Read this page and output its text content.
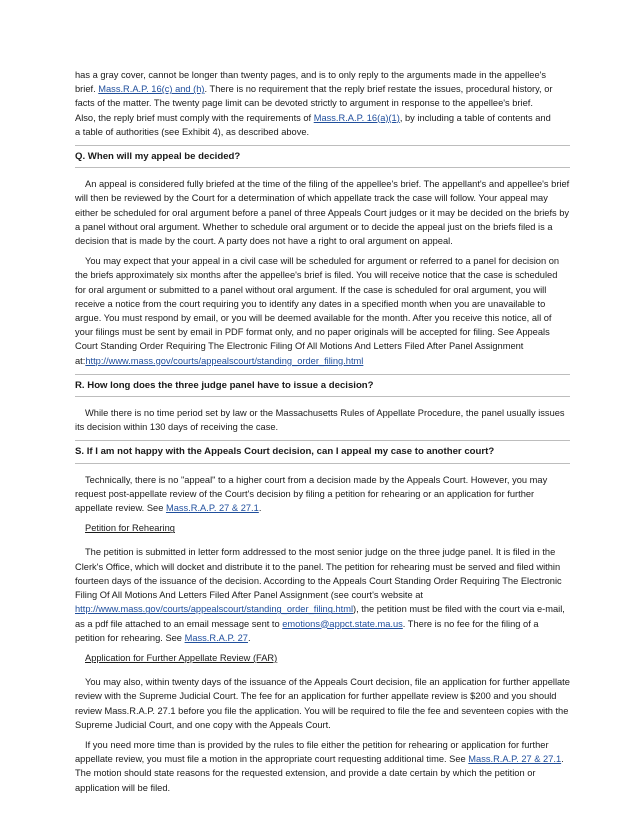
has a gray cover, cannot be longer than twenty pages, and is to only reply to the arguments made in the appellee's

brief. Mass.R.A.P. 16(c) and (h). There is no requirement that the reply brief restate the issues, procedural history, or

facts of the matter. The twenty page limit can be devoted strictly to argument in response to the appellee's brief.

Also, the reply brief must comply with the requirements of Mass.R.A.P. 16(a)(1), by including a table of contents and

a table of authorities (see Exhibit 4), as described above.

Q. When will my appeal be decided?

An appeal is considered fully briefed at the time of the filing of the appellee's brief. The appellant's and appellee's brief will then be reviewed by the Court for a determination of which appellate track the case will follow. Your appeal may either be scheduled for oral argument before a panel of three Appeals Court judges or it may be decided on the briefs by a panel without oral argument. Whether to schedule oral argument or to decide the appeal just on the briefs filed is a decision that is made by the court. A party does not have a right to oral argument on appeal.

You may expect that your appeal in a civil case will be scheduled for argument or referred to a panel for decision on the briefs approximately six months after the appellee's brief is filed. You will receive notice that the case is scheduled for oral argument or submitted to a panel without oral argument. If the case is scheduled for oral argument, you will receive a notice from the court requiring you to identify any dates in a specified month when you are unavailable to argue. You must respond by email, or you will be deemed available for the month. After you receive this notice, all of your filings must be sent by email in PDF format only, and no paper originals will be accepted for filing. See Appeals Court Standing Order Requiring The Electronic Filing Of All Motions And Letters Filed After Panel Assignment at:http://www.mass.gov/courts/appealscourt/standing_order_filing.html

R. How long does the three judge panel have to issue a decision?

While there is no time period set by law or the Massachusetts Rules of Appellate Procedure, the panel usually issues its decision within 130 days of receiving the case.

S. If I am not happy with the Appeals Court decision, can I appeal my case to another court?

Technically, there is no "appeal" to a higher court from a decision made by the Appeals Court. However, you may request post-appellate review of the Court's decision by filing a petition for rehearing or an application for further appellate review. See Mass.R.A.P. 27 & 27.1.

Petition for Rehearing

The petition is submitted in letter form addressed to the most senior judge on the three judge panel. It is filed in the Clerk's Office, which will docket and distribute it to the panel. The petition for rehearing must be served and filed within fourteen days of the issuance of the decision. According to the Appeals Court Standing Order Requiring The Electronic Filing Of All Motions And Letters Filed After Panel Assignment (see court's website at http://www.mass.gov/courts/appealscourt/standing_order_filing.html), the petition must be filed with the court via e-mail, as a pdf file attached to an email message sent to emotions@appct.state.ma.us. There is no fee for the filing of a petition for rehearing. See Mass.R.A.P. 27.

Application for Further Appellate Review (FAR)

You may also, within twenty days of the issuance of the Appeals Court decision, file an application for further appellate review with the Supreme Judicial Court. The fee for an application for further appellate review is $200 and you should review Mass.R.A.P. 27.1 before you file the application. You will be required to file the fee and seventeen copies with the Supreme Judicial Court, and one copy with the Appeals Court.

If you need more time than is provided by the rules to file either the petition for rehearing or application for further appellate review, you must file a motion in the appropriate court requesting additional time. See Mass.R.A.P. 27 & 27.1. The motion should state reasons for the requested extension, and provide a date certain by which the petition or application will be filed.
